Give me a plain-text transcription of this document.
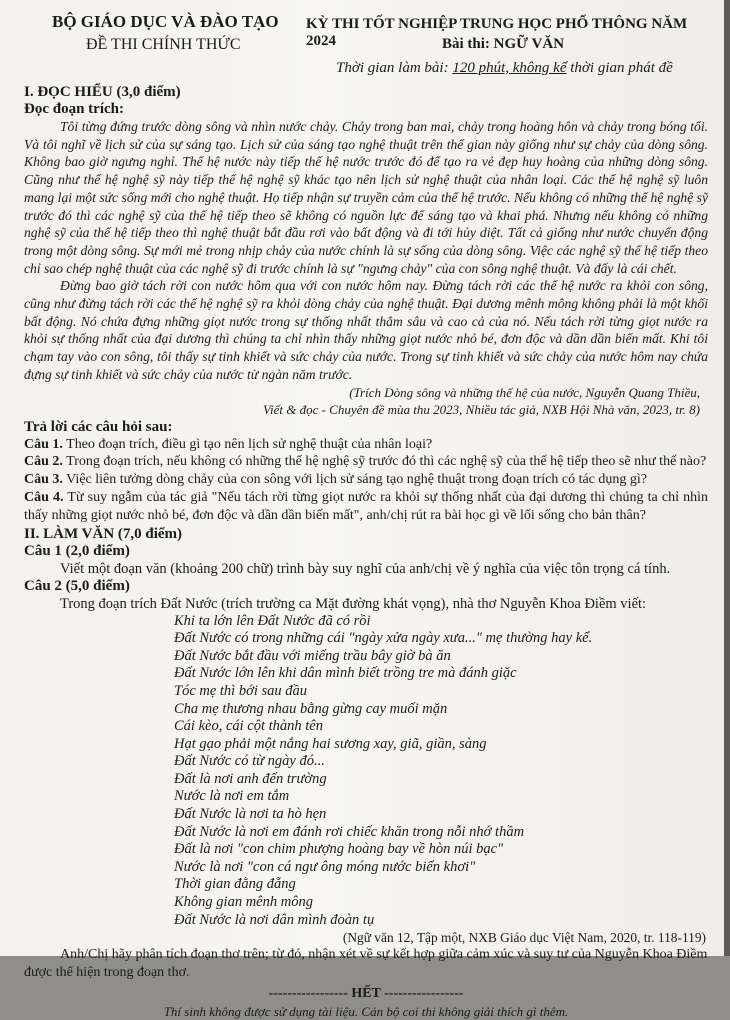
BỘ GIÁO DỤC VÀ ĐÀO TẠO
ĐỀ THI CHÍNH THỨC
KỲ THI TỐT NGHIỆP TRUNG HỌC PHỔ THÔNG NĂM 2024	Bài thi: NGỮ VĂN
Thời gian làm bài: 120 phút, không kể thời gian phát đề
I. ĐỌC HIỂU (3,0 điểm)
Đọc đoạn trích:

Tôi từng đứng trước dòng sông và nhìn nước chảy. Chảy trong ban mai, chảy trong hoàng hôn và chảy trong bóng tối. Và tôi nghĩ về lịch sử của sự sáng tạo. Lịch sử của sáng tạo nghệ thuật trên thế gian này giống như sự chảy của dòng sông. Không bao giờ ngưng nghỉ. Thế hệ nước này tiếp thế hệ nước trước đó để tạo ra vẻ đẹp huy hoàng của những dòng sông. Cũng như thế hệ nghệ sỹ này tiếp thế hệ nghệ sỹ khác tạo nên lịch sử nghệ thuật của nhân loại. Các thế hệ nghệ sỹ luôn mang lại một sức sống mới cho nghệ thuật. Họ tiếp nhận sự truyền cảm của thế hệ trước. Nếu không có những thế hệ nghệ sỹ trước đó thì các nghệ sỹ của thế hệ tiếp theo sẽ không có nguồn lực để sáng tạo và khai phá. Nhưng nếu không có những nghệ sỹ của thế hệ tiếp theo thì nghệ thuật bắt đầu rơi vào bất động và đi tới hủy diệt. Tất cả giống như nước chuyển động trong một dòng sông. Sự mới mẻ trong nhịp chảy của nước chính là sự sống của dòng sông. Việc các nghệ sỹ thế hệ tiếp theo chỉ sao chép nghệ thuật của các nghệ sỹ đi trước chính là sự "ngưng chảy" của con sông nghệ thuật. Và đấy là cái chết.

Đừng bao giờ tách rời con nước hôm qua với con nước hôm nay. Đừng tách rời các thế hệ nước ra khỏi con sông, cũng như đừng tách rời các thế hệ nghệ sỹ ra khỏi dòng chảy của nghệ thuật. Đại dương mênh mông không phải là một khối bất động. Nó chứa đựng những giọt nước trong sự thống nhất thẳm sâu và cao cả của nó. Nếu tách rời từng giọt nước ra khỏi sự thống nhất của đại dương thì chúng ta chỉ nhìn thấy những giọt nước nhỏ bé, đơn độc và dần dần biến mất. Khi tôi chạm tay vào con sông, tôi thấy sự tinh khiết và sức chảy của nước. Trong sự tinh khiết và sức chảy của nước hôm nay chứa đựng sự tinh khiết và sức chảy của nước từ ngàn năm trước.

(Trích Dòng sông và những thế hệ của nước, Nguyễn Quang Thiều,
Viết & đọc - Chuyên đề mùa thu 2023, Nhiều tác giả, NXB Hội Nhà văn, 2023, tr. 8)
Trả lời các câu hỏi sau:

Câu 1. Theo đoạn trích, điều gì tạo nên lịch sử nghệ thuật của nhân loại?

Câu 2. Trong đoạn trích, nếu không có những thế hệ nghệ sỹ trước đó thì các nghệ sỹ của thế hệ tiếp theo sẽ như thế nào?

Câu 3. Việc liên tưởng dòng chảy của con sông với lịch sử sáng tạo nghệ thuật trong đoạn trích có tác dụng gì?

Câu 4. Từ suy ngẫm của tác giả "Nếu tách rời từng giọt nước ra khỏi sự thống nhất của đại dương thì chúng ta chỉ nhìn thấy những giọt nước nhỏ bé, đơn độc và dần dần biến mất", anh/chị rút ra bài học gì về lối sống cho bản thân?

II. LÀM VĂN (7,0 điểm)
Câu 1 (2,0 điểm)

Viết một đoạn văn (khoảng 200 chữ) trình bày suy nghĩ của anh/chị về ý nghĩa của việc tôn trọng cá tính.

Câu 2 (5,0 điểm)

Trong đoạn trích Đất Nước (trích trường ca Mặt đường khát vọng), nhà thơ Nguyễn Khoa Điềm viết:

Khi ta lớn lên Đất Nước đã có rồi
Đất Nước có trong những cái "ngày xửa ngày xưa..." mẹ thường hay kể.
Đất Nước bắt đầu với miếng trầu bây giờ bà ăn
Đất Nước lớn lên khi dân mình biết trồng tre mà đánh giặc
Tóc mẹ thì bới sau đầu
Cha mẹ thương nhau bằng gừng cay muối mặn
Cái kèo, cái cột thành tên
Hạt gạo phải một nắng hai sương xay, giã, giần, sàng
Đất Nước có từ ngày đó...
Đất là nơi anh đến trường
Nước là nơi em tắm
Đất Nước là nơi ta hò hẹn
Đất Nước là nơi em đánh rơi chiếc khăn trong nỗi nhớ thầm
Đất là nơi "con chim phượng hoàng bay về hòn núi bạc"
Nước là nơi "con cá ngư ông móng nước biển khơi"
Thời gian đằng đẵng
Không gian mênh mông
Đất Nước là nơi dân mình đoàn tụ
(Ngữ văn 12, Tập một, NXB Giáo dục Việt Nam, 2020, tr. 118-119)

Anh/Chị hãy phân tích đoạn thơ trên; từ đó, nhận xét về sự kết hợp giữa cảm xúc và suy tư của Nguyễn Khoa Điềm được thể hiện trong đoạn thơ.

----------------- HẾT -----------------
Thí sinh không được sử dụng tài liệu. Cán bộ coi thi không giải thích gì thêm.
